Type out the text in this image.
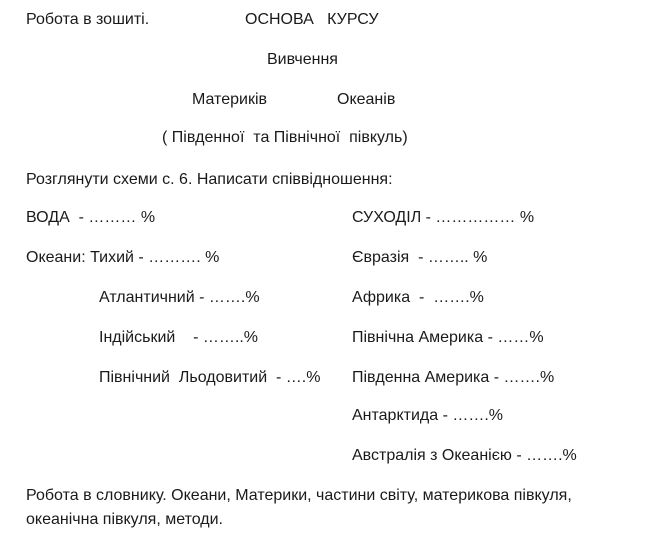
Робота в зошиті.	ОСНОВА   КУРСУ
Вивчення
Материків	Океанів
( Південної  та Північної  півкуль)
Розглянути схеми с. 6. Написати співвідношення:
ВОДА  - ……… %
Океани: Тихий - ………. %
Атлантичний - …….%
Індійський    - ……..%
Північний  Льодовитий  - ….%
СУХОДІЛ - …………… %
Євразія  - …….. %
Африка  -  …….%
Північна Америка - ……%
Південна Америка - …….%
Антарктида - …….%
Австралія з Океанією - …….%
Робота в словнику. Океани, Материки, частини світу, материкова півкуля, океанічна півкуля, методи.
